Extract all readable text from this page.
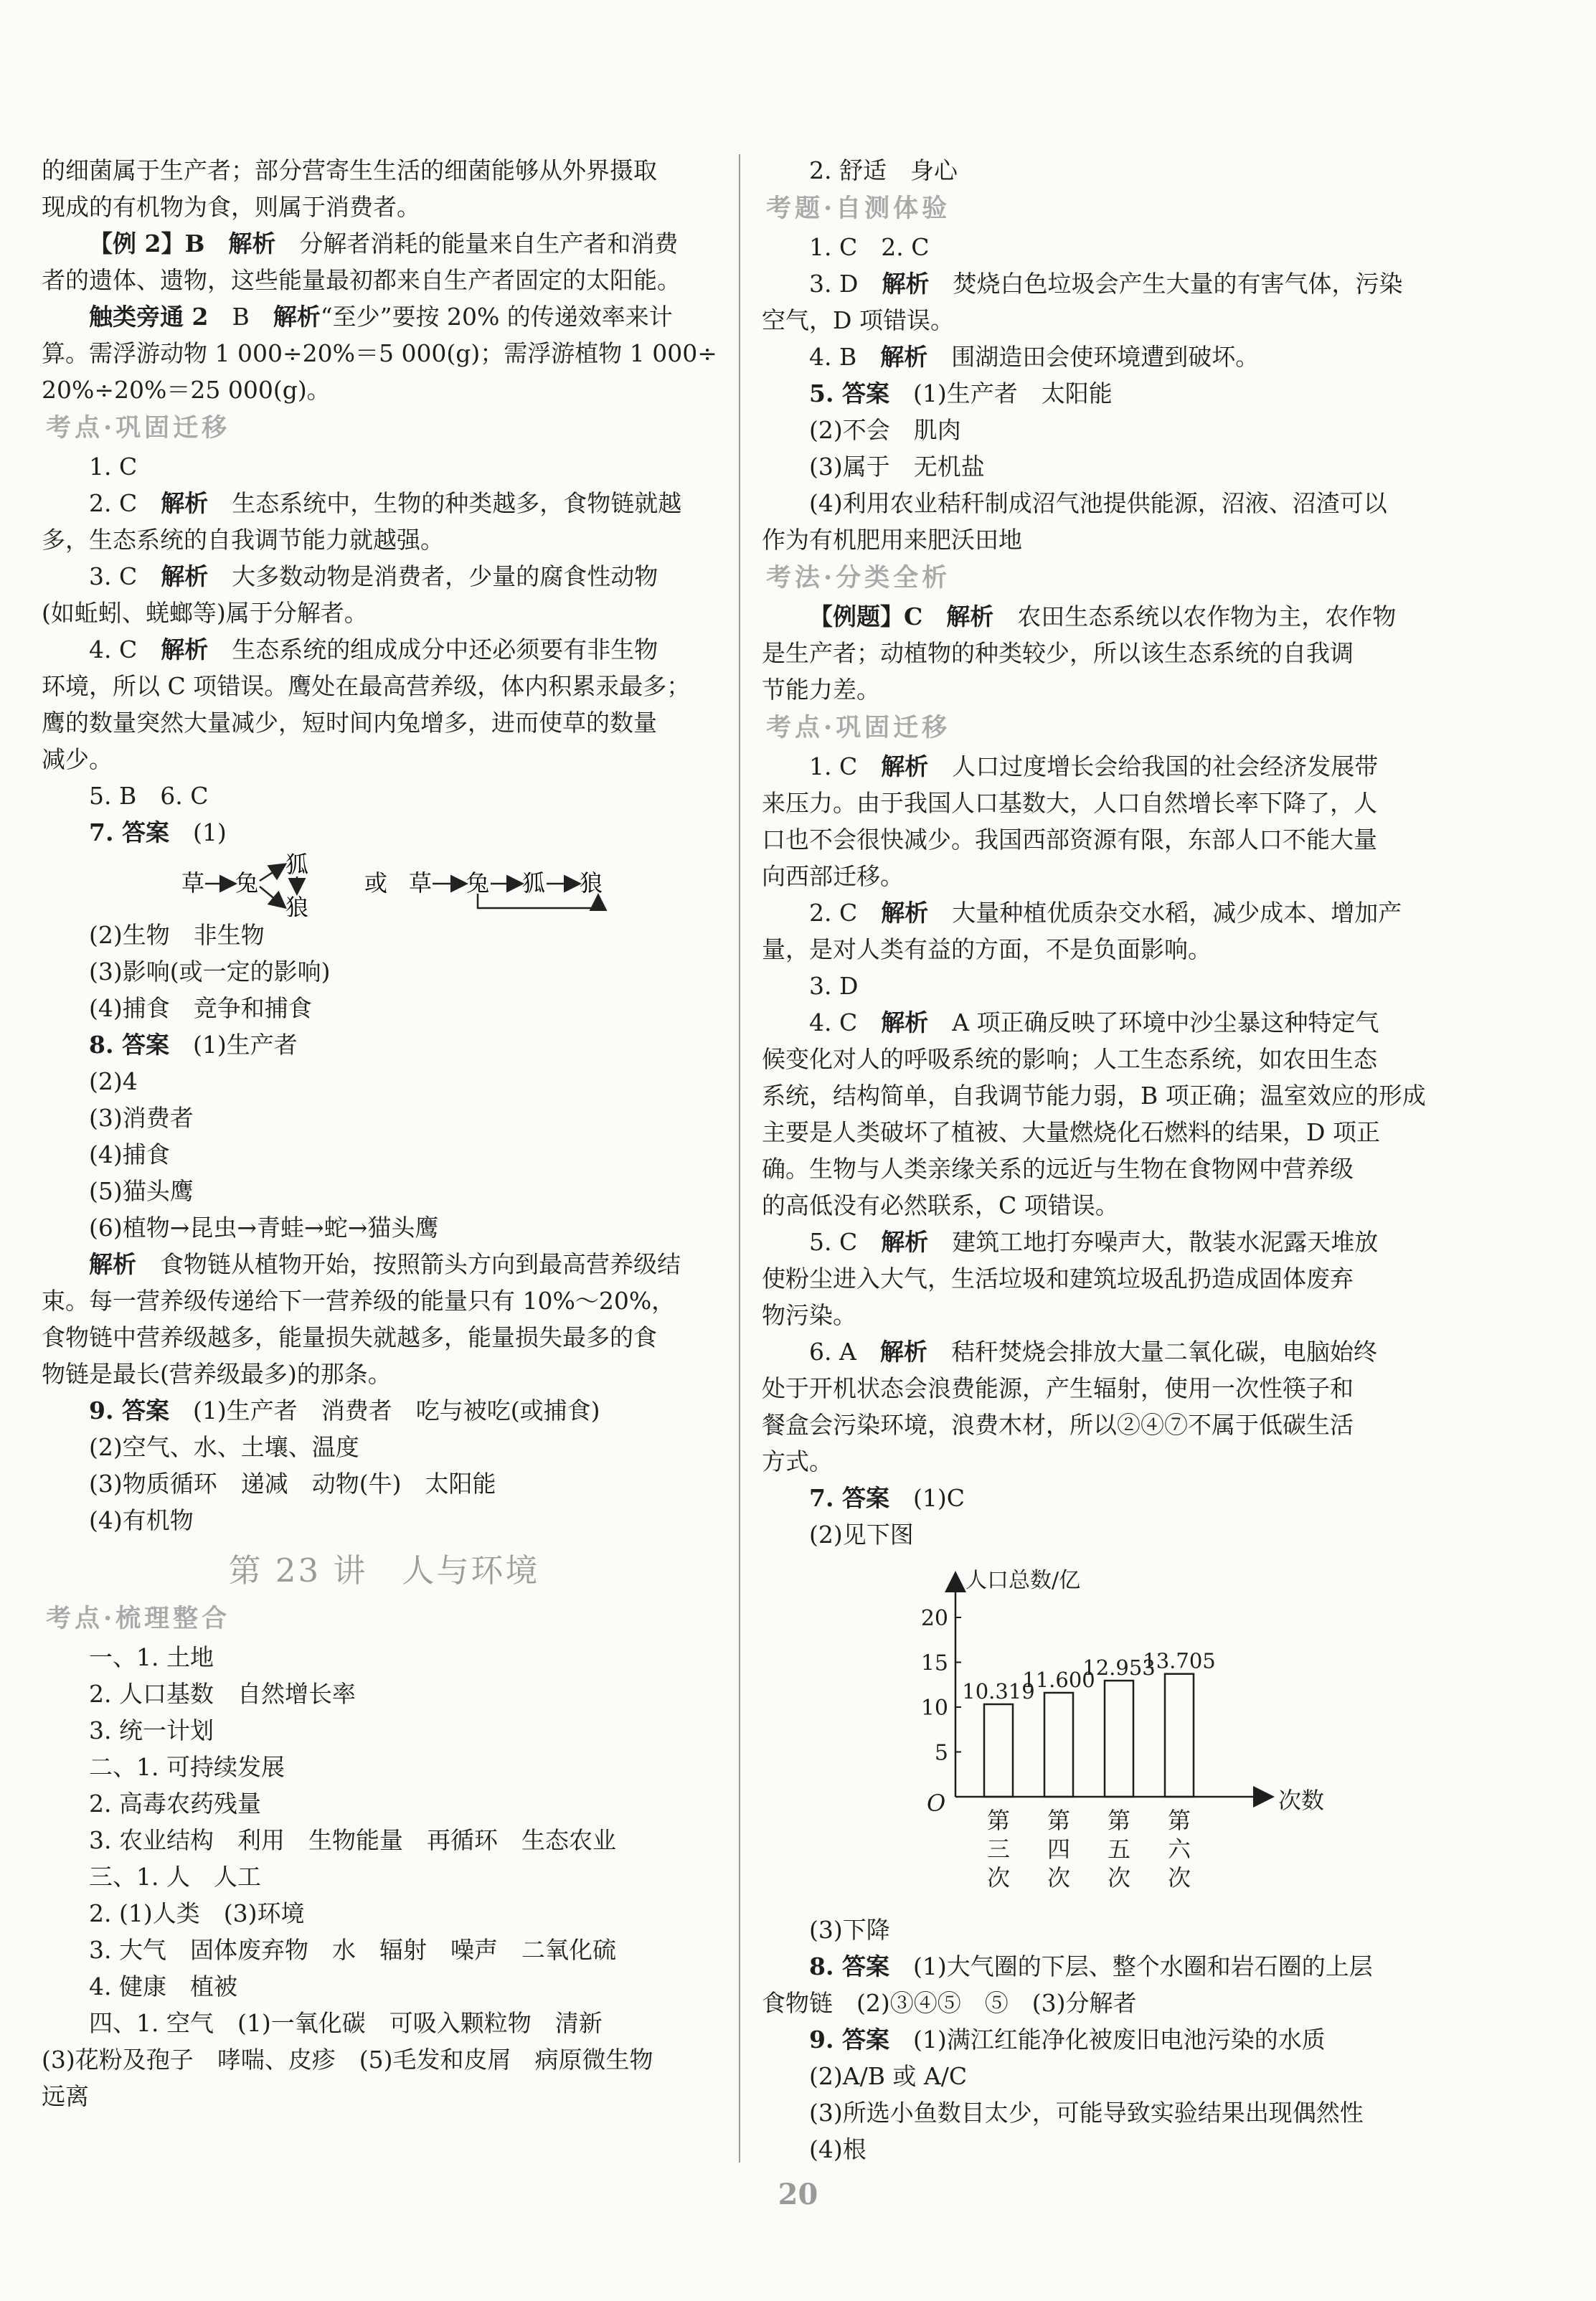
的细菌属于生产者；部分营寄生生活的细菌能够从外界摄取

现成的有机物为食，则属于消费者。

【例 2】B　 解析　 分解者消耗的能量来自生产者和消费

者的遗体、遗物，这些能量最初都来自生产者固定的太阳能。

触类旁通 2　 B　 解析“至少”要按 20% 的传递效率来计

算。需浮游动物 1 000÷20%＝5 000(g)；需浮游植物 1 000÷

20%÷20%＝25 000(g)。

考点·巩固迁移

1. C

2. C　 解析　 生态系统中，生物的种类越多，食物链就越

多，生态系统的自我调节能力就越强。

3. C　 解析　 大多数动物是消费者，少量的腐食性动物

(如蚯蚓、蜣螂等)属于分解者。

4. C　 解析　 生态系统的组成成分中还必须要有非生物

环境，所以 C 项错误。鹰处在最高营养级，体内积累汞最多；

鹰的数量突然大量减少，短时间内兔增多，进而使草的数量

减少。

5. B　6. C

7. 答案　 (1)

草 兔
狐
狼
或 草 兔 狐 狼

(2)生物　非生物

(3)影响(或一定的影响)

(4)捕食　竞争和捕食

8. 答案　 (1)生产者

(2)4

(3)消费者

(4)捕食

(5)猫头鹰

(6)植物→昆虫→青蛙→蛇→猫头鹰

解析　 食物链从植物开始，按照箭头方向到最高营养级结

束。每一营养级传递给下一营养级的能量只有 10%～20%，

食物链中营养级越多，能量损失就越多，能量损失最多的食

物链是最长(营养级最多)的那条。

9. 答案　 (1)生产者　消费者　吃与被吃(或捕食)

(2)空气、水、土壤、温度

(3)物质循环　递减　动物(牛)　太阳能

(4)有机物

第 23 讲　人与环境

考点·梳理整合

一、1. 土地

2. 人口基数　自然增长率

3. 统一计划

二、1. 可持续发展

2. 高毒农药残量

3. 农业结构　利用　生物能量　再循环　生态农业

三、1. 人　人工

2. (1)人类　(3)环境

3. 大气　固体废弃物　水　辐射　噪声　二氧化硫

4. 健康　植被

四、1. 空气　(1)一氧化碳　可吸入颗粒物　清新

(3)花粉及孢子　哮喘、皮疹　(5)毛发和皮屑　病原微生物

远离

2. 舒适　身心

考题·自测体验

1. C　2. C

3. D　 解析　 焚烧白色垃圾会产生大量的有害气体，污染

空气，D 项错误。

4. B　 解析　 围湖造田会使环境遭到破坏。

5. 答案　 (1)生产者　太阳能

(2)不会　肌肉

(3)属于　无机盐

(4)利用农业秸秆制成沼气池提供能源，沼液、沼渣可以

作为有机肥用来肥沃田地

考法·分类全析

【例题】C　 解析　 农田生态系统以农作物为主，农作物

是生产者；动植物的种类较少，所以该生态系统的自我调

节能力差。

考点·巩固迁移

1. C　 解析　 人口过度增长会给我国的社会经济发展带

来压力。由于我国人口基数大，人口自然增长率下降了，人

口也不会很快减少。我国西部资源有限，东部人口不能大量

向西部迁移。

2. C　 解析　 大量种植优质杂交水稻，减少成本、增加产

量，是对人类有益的方面，不是负面影响。

3. D

4. C　 解析　 A 项正确反映了环境中沙尘暴这种特定气

候变化对人的呼吸系统的影响；人工生态系统，如农田生态

系统，结构简单，自我调节能力弱，B 项正确；温室效应的形成

主要是人类破坏了植被、大量燃烧化石燃料的结果，D 项正

确。生物与人类亲缘关系的远近与生物在食物网中营养级

的高低没有必然联系，C 项错误。

5. C　 解析　 建筑工地打夯噪声大，散装水泥露天堆放

使粉尘进入大气，生活垃圾和建筑垃圾乱扔造成固体废弃

物污染。

6. A　 解析　 秸秆焚烧会排放大量二氧化碳，电脑始终

处于开机状态会浪费能源，产生辐射，使用一次性筷子和

餐盒会污染环境，浪费木材，所以②④⑦不属于低碳生活

方式。

7. 答案　 (1)C

(2)见下图

人口总数/亿
次数
O
5
10
15
20
10.319
第
三
次
11.600
第
四
次
12.953
第
五
次
13.705
第
六
次

(3)下降

8. 答案　 (1)大气圈的下层、整个水圈和岩石圈的上层

食物链　(2)③④⑤　⑤　(3)分解者

9. 答案　 (1)满江红能净化被废旧电池污染的水质

(2)A/B 或 A/C

(3)所选小鱼数目太少，可能导致实验结果出现偶然性

(4)根

20
